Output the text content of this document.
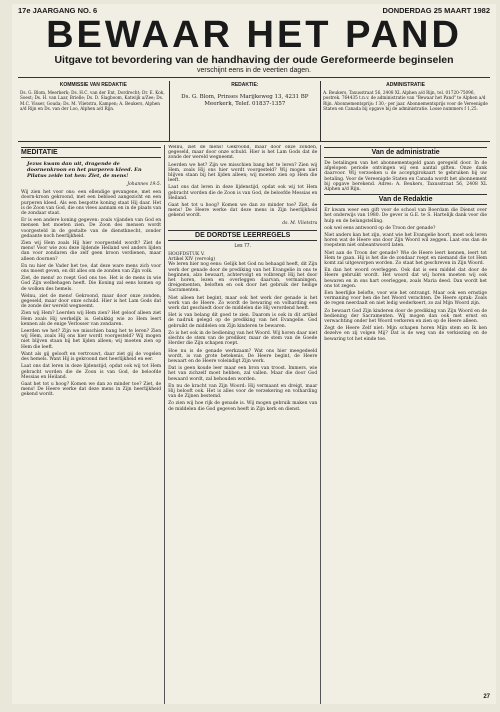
17e JAARGANG NO. 6	DONDERDAG 25 MAART 1982
BEWAAR HET PAND
Uitgave tot bevordering van de handhaving der oude Gereformeerde beginselen
verschijnt eens in de veertien dagen.
KOMMISSIE VAN REDAKTIE
Ds. G. Blom, Meerkerk; Ds. H.C. van der Ent, Dordrecht; Dr. E. Kok, Soest; Ds. H. van Laar, Brielle; Ds. D. Slagboom, Katwijk a/Zee; Ds. M.C. Visser, Gouda; Ds. M. Vlietstra, Kampen; A. Beukers, Alphen a/d Rijn en Ds. van der Loo, Alphen a/d Rijn.
REDAKTIE:
Ds. G. Blom, Prinses Marijkeweg 13, 4231 BP Meerkerk, Telef. 01837-1357
ADMINISTRATIE
A. Beukers, Taxusstraat 56, 2408 XL Alphen a/d Rijn, tel. 01720-75096, postrek. 764435 t.n.v. de administratie van "Bewaar het Pand" te Alphen a/d Rijn. Abonnementsprijs: f 30,- per jaar. Abonnementsprijs voor de Vereenigde Staten en Canada bij opgave bij de administratie. Losse nummers f 1,25.
MEDITATIE
Jezus kwam dan uit, dragende de doornenkroon en het purperen kleed. En Pilatus zeide tot hen: Ziet, de mens!
Johannes 19:5.

Wij zien het voor ons: een ellendige gevangene, met een doorn-kroon gekroond, met een bebloed aangezicht en een purperen kleed. Als een bespotte koning staat Hij daar. Het is de Zoon van God, die ons vlees aannam en in de plaats van de zondaar staat.

Er is een andere koning gegeven: zoals vijanden van God en mensen het moeten zien. De Zoon des mensen wordt voorgesteld in de gestalte van de dienstknecht, zonder gedaante noch heerlijkheid.

Zien wij Hem zoals Hij hier voorgesteld wordt? Ziet de mens! Voor wie zou deze lijdende Heiland wel anders lijden dan voor zondaren die zelf geen kroon verdienen, maar alleen doornen?

En nu hier de Vader het toe, dat deze ware mens zich voor ons moest geven, en dit alles om de zonden van Zijn volk.

Ziet, de mens! zo roept God ons toe. Het is de mens in wie God Zijn welbehagen heeft. Die Koning zal eens komen op de wolken des hemels.

Welnu, ziet de mens! Gekroond, maar door onze zonden, gegeseld, maar door onze schuld. Hier is het Lam Gods dat de zonde der wereld wegneemt.

Zien wij Hem? Leerden wij Hem zien? Het geloof alleen ziet Hem zoals Hij werkelijk is. Gelukkig wie zo Hem leert kennen als de enige Verlosser van zondaren.

Leerden we het? Zijn we misschien bang het te leren? Zien wij Hem, zoals Hij ons hier wordt voorgesteld? Wij mogen niet blijven staan bij het lijden alleen; wij moeten zien op Hem die leeft.

Want als gij gelooft en vertrouwt, daar ziet gij de vogelen des hemels. Want Hij is gekroond met heerlijkheid en eer.

Laat ons dat leren in deze lijdenstijd, opdat ook wij tot Hem gebracht worden die de Zoon is van God, de beloofde Messias en Heiland.

Gaat het tot u hoog? Komen we dan zo minder toe? Ziet, de mens! De Heere werke dat deze mens in Zijn heerlijkheid gekend wordt.

Welnu, ziet de mens! Gekroond, maar door onze zonden, gegeseld, maar door onze schuld. Hier is het Lam Gods dat de zonde der wereld wegneemt.

Leerden we het? Zijn we misschien bang het te leren? Zien wij Hem, zoals Hij ons hier wordt voorgesteld? Wij mogen niet blijven staan bij het lijden alleen; wij moeten zien op Hem die leeft.

Laat ons dat leren in deze lijdenstijd, opdat ook wij tot Hem gebracht worden die de Zoon is van God, de beloofde Messias en Heiland.

Gaat het tot u hoog? Komen we dan zo minder toe? Ziet, de mens! De Heere werke dat deze mens in Zijn heerlijkheid gekend wordt.

ds. M. Vlietstra
DE DORDTSE LEERREGELS
Les 77.
HOOFDSTUK V.
Artikel XIV (vervolg)

We leren hier nog eens: Gelijk het God nu behaagd heeft, dit Zijn werk der genade door de prediking van het Evangelie in ons te beginnen, alzo bewaart, achtervolgt en volbrengt Hij het door het horen, lezen en overleggen daarvan, vermaningen, dreigementen, beloften en ook door het gebruik der heilige Sacramenten.

Niet alleen het begint, maar ook het werk der genade is het werk van de Heere. Zo wordt de bewaring en volharding een werk dat geschiedt door de middelen die Hij verordend heeft.

Het is van belang dit goed te zien. Daarom is ook in dit artikel de nadruk gelegd op de prediking van het Evangelie. God gebruikt de middelen om Zijn kinderen te bewaren.

Zo is het ook in de bediening van het Woord. Wij horen daar niet slechts de stem van de prediker, maar de stem van de Goede Herder die Zijn schapen roept.

Hoe nu is de genade werkzaam? Wat ons hier meegedeeld wordt, is van grote betekenis. De Heere begint, de Heere bewaart en de Heere voleindigt Zijn werk.

Dat is geen koude leer maar een bron van troost. Immers, wie het van zichzelf moet hebben, zal vallen. Maar die door God bewaard wordt, zal behouden worden.

En nu de kracht van Zijn Woord: Hij vermaant en dreigt, maar Hij belooft ook. Het is alles voor de verzekering en volharding van de Zijnen bestemd.

Zo zien wij hoe rijk de genade is. Wij mogen gebruik maken van de middelen die God gegeven heeft in Zijn kerk en dienst.

Van de administratie

De betalingen van het abonnementsgeld gaan geregeld door. In de afgelopen periode ontvingen wij een aantal giften. Onze dank daarvoor. Wij verzoeken u de acceptgirokaart te gebruiken bij uw betaling. Voor de Vereenigde Staten en Canada wordt het abonnement bij opgave berekend. Adres: A. Beukers, Taxusstraat 56, 2408 XL Alphen a/d Rijn.

Van de Redaktie

Er kwam weer een gift voor de school van Boerdam die Dienst over het onderwijs van 1980. De gever is G.E. te S. Hartelijk dank voor die hulp en de belangstelling.

ook wel eens antwoord op de Troon der genade?

Niet anders kan het zijn, want wie het Evangelie hoort, moet ook leren horen wat de Heere ons door Zijn Woord wil zeggen. Laat ons dan de roepstem niet onbeantwoord laten.

Niet aan de Troon der genade? Wie de Heere leert kennen, leert tot Hem te gaan. Hij is het die de zondaar roept en niemand die tot Hem komt zal uitgeworpen worden. Zo staat het geschreven in Zijn Woord.

En dan het woord overleggen. Ook dat is een middel dat door de Heere gebruikt wordt. Het woord dat wij horen moeten wij ook bewaren en in ons hart overleggen, zoals Maria deed. Dan wordt het ons tot zegen.

Een heerlijke belofte, voor wie het ontvangt. Maar ook een ernstige vermaning voor hen die het Woord verachten. De Heere sprak: Zoals de regen neerdaalt en niet ledig wederkeert, zo zal Mijn Woord zijn.

Zo bewaart God Zijn kinderen door de prediking van Zijn Woord en de bediening der Sacramenten. Wij mogen dan ook met ernst en verwachting onder het Woord verkeren en zien op de Heere alleen.

Zegt de Heere Zelf niet: Mijn schapen horen Mijn stem en Ik ken dezelve en zij volgen Mij? Dat is de weg van de verkiezing en de bewaring tot het einde toe.

27
